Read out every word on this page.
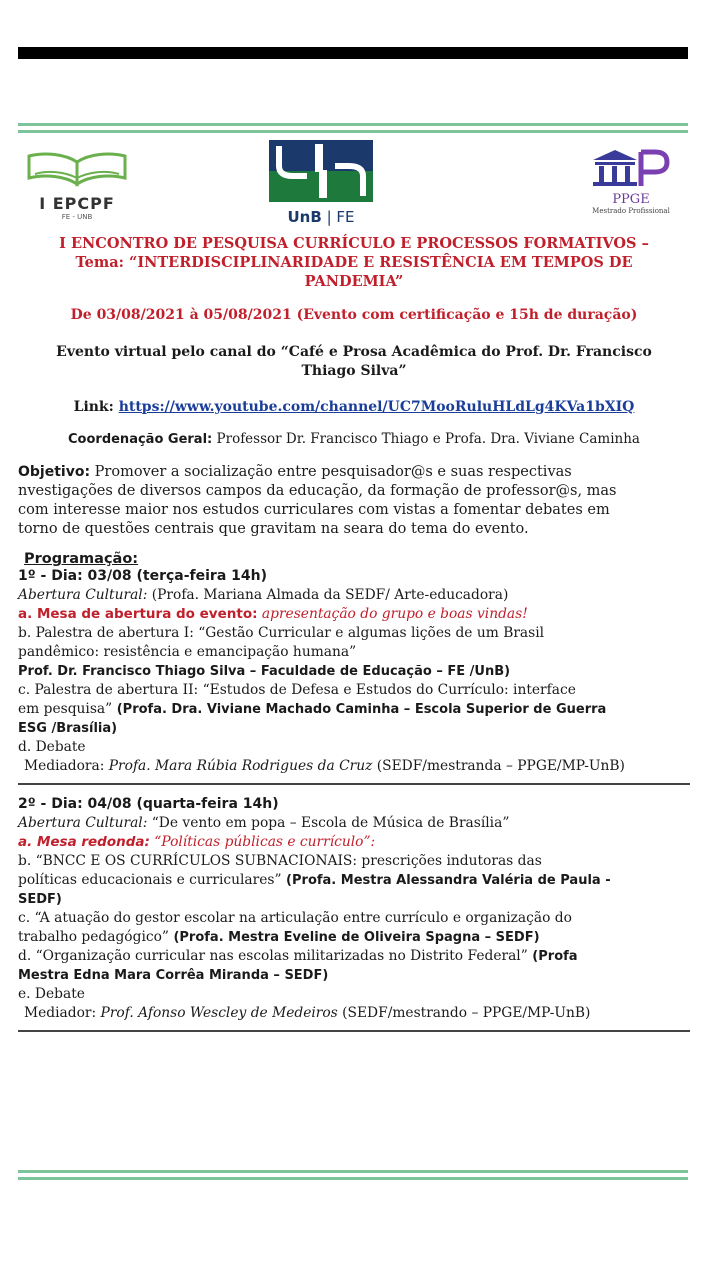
I EPCPF
FE - UNB	UnB | FE
PPGE
Mestrado Profissional
I ENCONTRO DE PESQUISA CURRÍCULO E PROCESSOS FORMATIVOS –
Tema: “INTERDISCIPLINARIDADE E RESISTÊNCIA EM TEMPOS DE
PANDEMIA”
De 03/08/2021 à 05/08/2021 (Evento com certificação e 15h de duração)
Evento virtual pelo canal do “Café e Prosa Acadêmica do Prof. Dr. Francisco
Thiago Silva”
Link: https://www.youtube.com/channel/UC7MooRuluHLdLg4KVa1bXIQ
Coordenação Geral: Professor Dr. Francisco Thiago e Profa. Dra. Viviane Caminha
Objetivo: Promover a socialização entre pesquisador@s e suas respectivas
nvestigações de diversos campos da educação, da formação de professor@s, mas
com interesse maior nos estudos curriculares com vistas a fomentar debates em
torno de questões centrais que gravitam na seara do tema do evento.
Programação:
1º - Dia: 03/08 (terça-feira 14h)
Abertura Cultural: (Profa. Mariana Almada da SEDF/ Arte-educadora)
a. Mesa de abertura do evento: apresentação do grupo e boas vindas!
b. Palestra de abertura I: “Gestão Curricular e algumas lições de um Brasil
pandêmico: resistência e emancipação humana”
Prof. Dr. Francisco Thiago Silva – Faculdade de Educação – FE /UnB)
c. Palestra de abertura II: “Estudos de Defesa e Estudos do Currículo: interface
em pesquisa” (Profa. Dra. Viviane Machado Caminha – Escola Superior de Guerra
ESG /Brasília)
d. Debate
Mediadora: Profa. Mara Rúbia Rodrigues da Cruz (SEDF/mestranda – PPGE/MP-UnB)
2º - Dia: 04/08 (quarta-feira 14h)
Abertura Cultural: “De vento em popa – Escola de Música de Brasília”
a. Mesa redonda: “Políticas públicas e currículo”:
b. “BNCC E OS CURRÍCULOS SUBNACIONAIS: prescrições indutoras das
políticas educacionais e curriculares” (Profa. Mestra Alessandra Valéria de Paula -
SEDF)
c. “A atuação do gestor escolar na articulação entre currículo e organização do
trabalho pedagógico” (Profa. Mestra Eveline de Oliveira Spagna – SEDF)
d. “Organização curricular nas escolas militarizadas no Distrito Federal” (Profa
Mestra Edna Mara Corrêa Miranda – SEDF)
e. Debate
Mediador: Prof. Afonso Wescley de Medeiros (SEDF/mestrando – PPGE/MP-UnB)
